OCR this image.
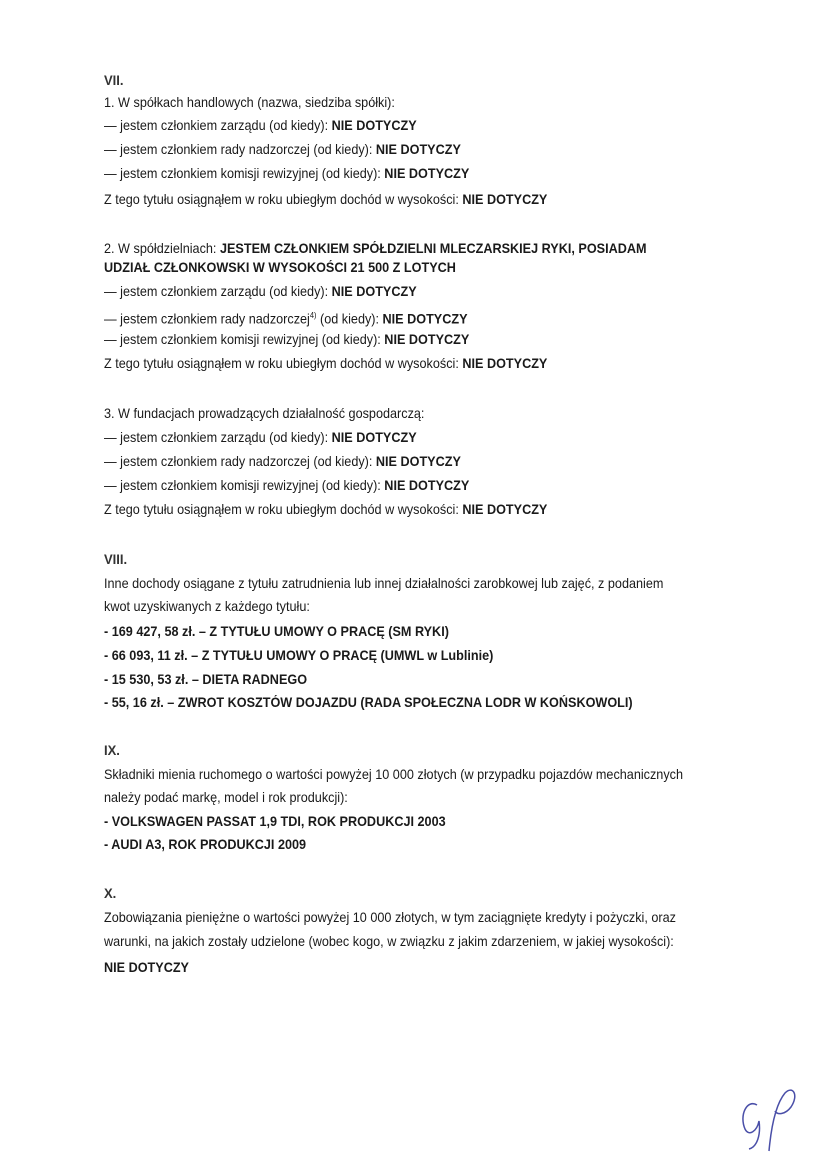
VII.
1. W spółkach handlowych (nazwa, siedziba spółki):
— jestem członkiem zarządu (od kiedy): NIE DOTYCZY
— jestem członkiem rady nadzorczej (od kiedy): NIE DOTYCZY
— jestem członkiem komisji rewizyjnej (od kiedy): NIE DOTYCZY
Z tego tytułu osiągnąłem w roku ubiegłym dochód w wysokości: NIE DOTYCZY
2. W spółdzielniach: JESTEM CZŁONKIEM SPÓŁDZIELNI MLECZARSKIEJ RYKI, POSIADAM
UDZIAŁ CZŁONKOWSKI W WYSOKOŚCI 21 500 Z LOTYCH
— jestem członkiem zarządu (od kiedy): NIE DOTYCZY
— jestem członkiem rady nadzorczej$^{4)}$ (od kiedy): NIE DOTYCZY
— jestem członkiem komisji rewizyjnej (od kiedy): NIE DOTYCZY
Z tego tytułu osiągnąłem w roku ubiegłym dochód w wysokości: NIE DOTYCZY
3. W fundacjach prowadzących działalność gospodarczą:
— jestem członkiem zarządu (od kiedy): NIE DOTYCZY
— jestem członkiem rady nadzorczej (od kiedy): NIE DOTYCZY
— jestem członkiem komisji rewizyjnej (od kiedy): NIE DOTYCZY
Z tego tytułu osiągnąłem w roku ubiegłym dochód w wysokości: NIE DOTYCZY
VIII.
Inne dochody osiągane z tytułu zatrudnienia lub innej działalności zarobkowej lub zajęć, z podaniem
kwot uzyskiwanych z każdego tytułu:
- 169 427, 58 zł. – Z TYTUŁU UMOWY O PRACĘ (SM RYKI)
- 66 093, 11 zł. – Z TYTUŁU UMOWY O PRACĘ (UMWL w Lublinie)
- 15 530, 53 zł. – DIETA RADNEGO
- 55, 16 zł. – ZWROT KOSZTÓW DOJAZDU (RADA SPOŁECZNA LODR W KOŃSKOWOLI)
IX.
Składniki mienia ruchomego o wartości powyżej 10 000 złotych (w przypadku pojazdów mechanicznych
należy podać markę, model i rok produkcji):
- VOLKSWAGEN PASSAT 1,9 TDI, ROK PRODUKCJI 2003
- AUDI A3, ROK PRODUKCJI 2009
X.
Zobowiązania pieniężne o wartości powyżej 10 000 złotych, w tym zaciągnięte kredyty i pożyczki, oraz
warunki, na jakich zostały udzielone (wobec kogo, w związku z jakim zdarzeniem, w jakiej wysokości):
NIE DOTYCZY
